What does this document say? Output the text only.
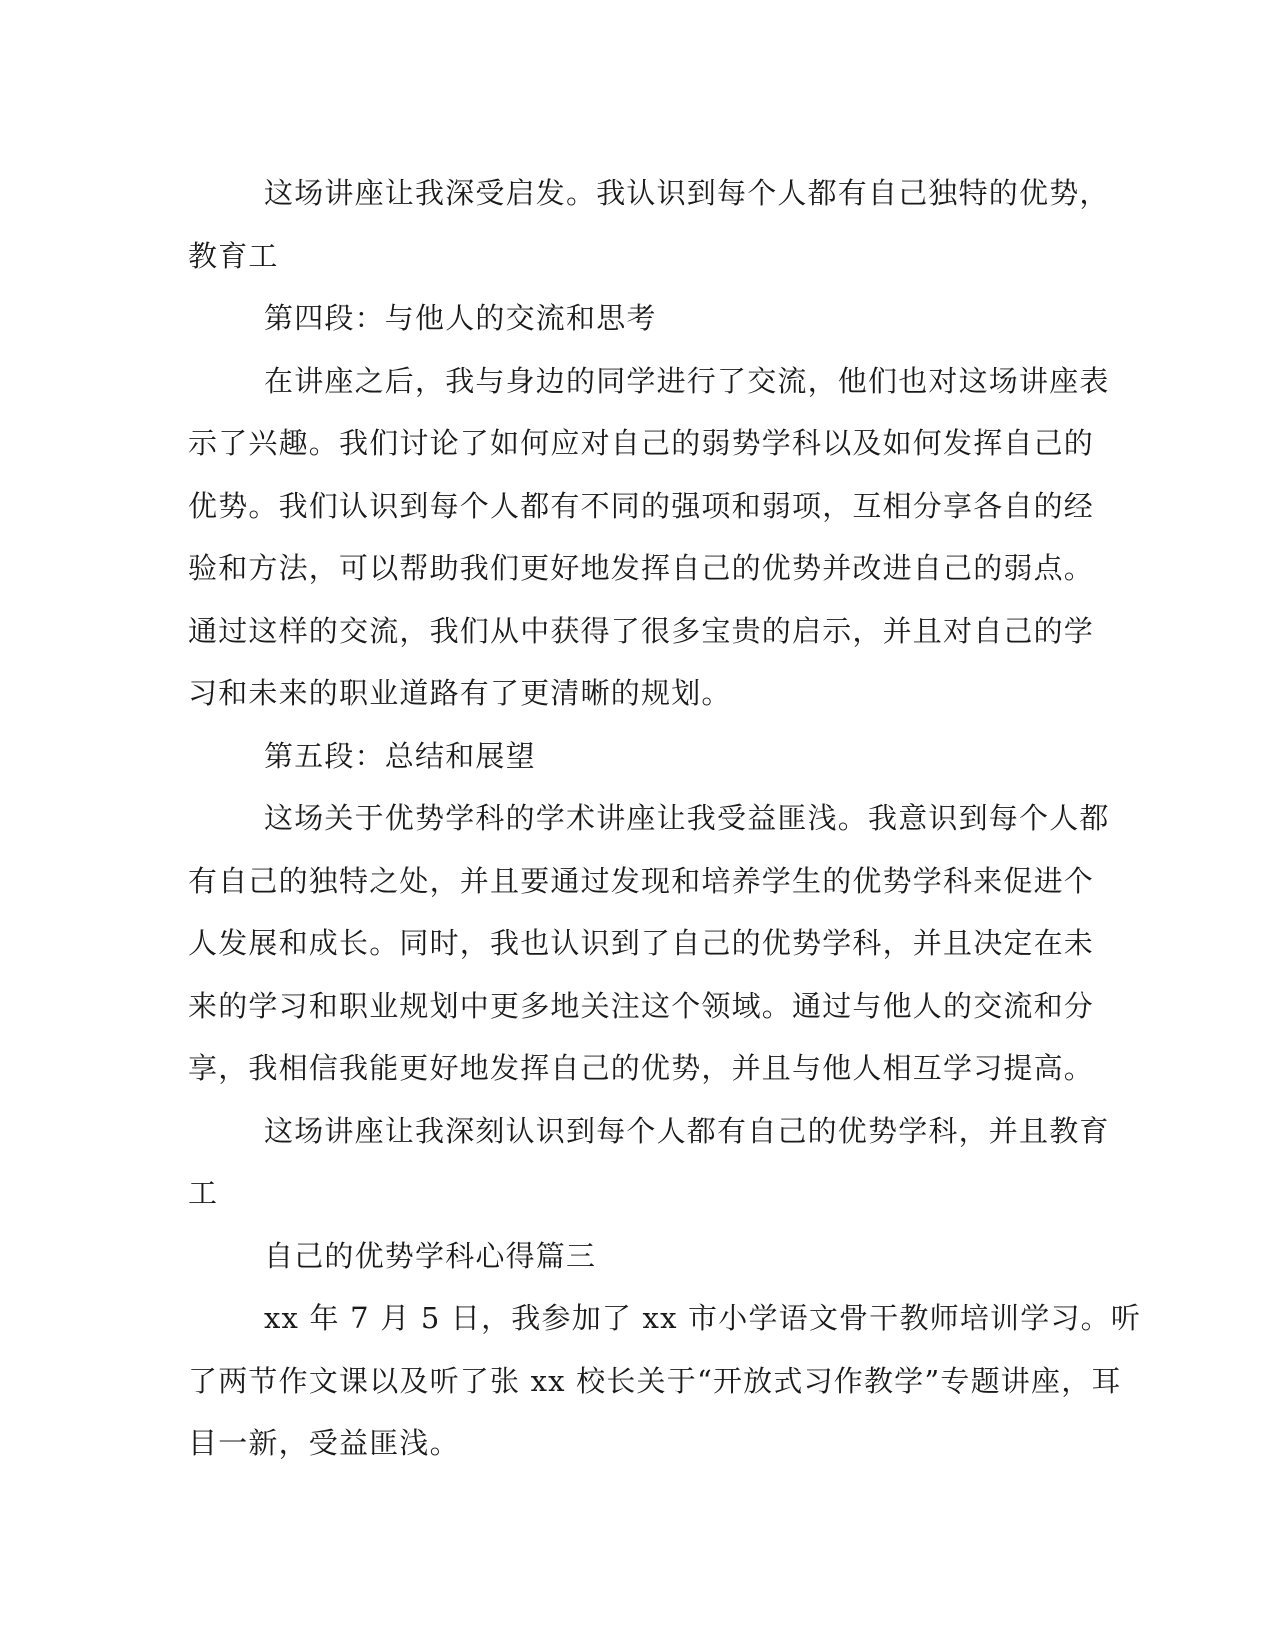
这场讲座让我深受启发。我认识到每个人都有自己独特的优势，
教育工
第四段：与他人的交流和思考
在讲座之后，我与身边的同学进行了交流，他们也对这场讲座表
示了兴趣。我们讨论了如何应对自己的弱势学科以及如何发挥自己的
优势。我们认识到每个人都有不同的强项和弱项，互相分享各自的经
验和方法，可以帮助我们更好地发挥自己的优势并改进自己的弱点。
通过这样的交流，我们从中获得了很多宝贵的启示，并且对自己的学
习和未来的职业道路有了更清晰的规划。
第五段：总结和展望
这场关于优势学科的学术讲座让我受益匪浅。我意识到每个人都
有自己的独特之处，并且要通过发现和培养学生的优势学科来促进个
人发展和成长。同时，我也认识到了自己的优势学科，并且决定在未
来的学习和职业规划中更多地关注这个领域。通过与他人的交流和分
享，我相信我能更好地发挥自己的优势，并且与他人相互学习提高。
这场讲座让我深刻认识到每个人都有自己的优势学科，并且教育
工
自己的优势学科心得篇三
xx 年 7 月 5 日，我参加了 xx 市小学语文骨干教师培训学习。听
了两节作文课以及听了张 xx 校长关于“开放式习作教学”专题讲座，耳
目一新，受益匪浅。
